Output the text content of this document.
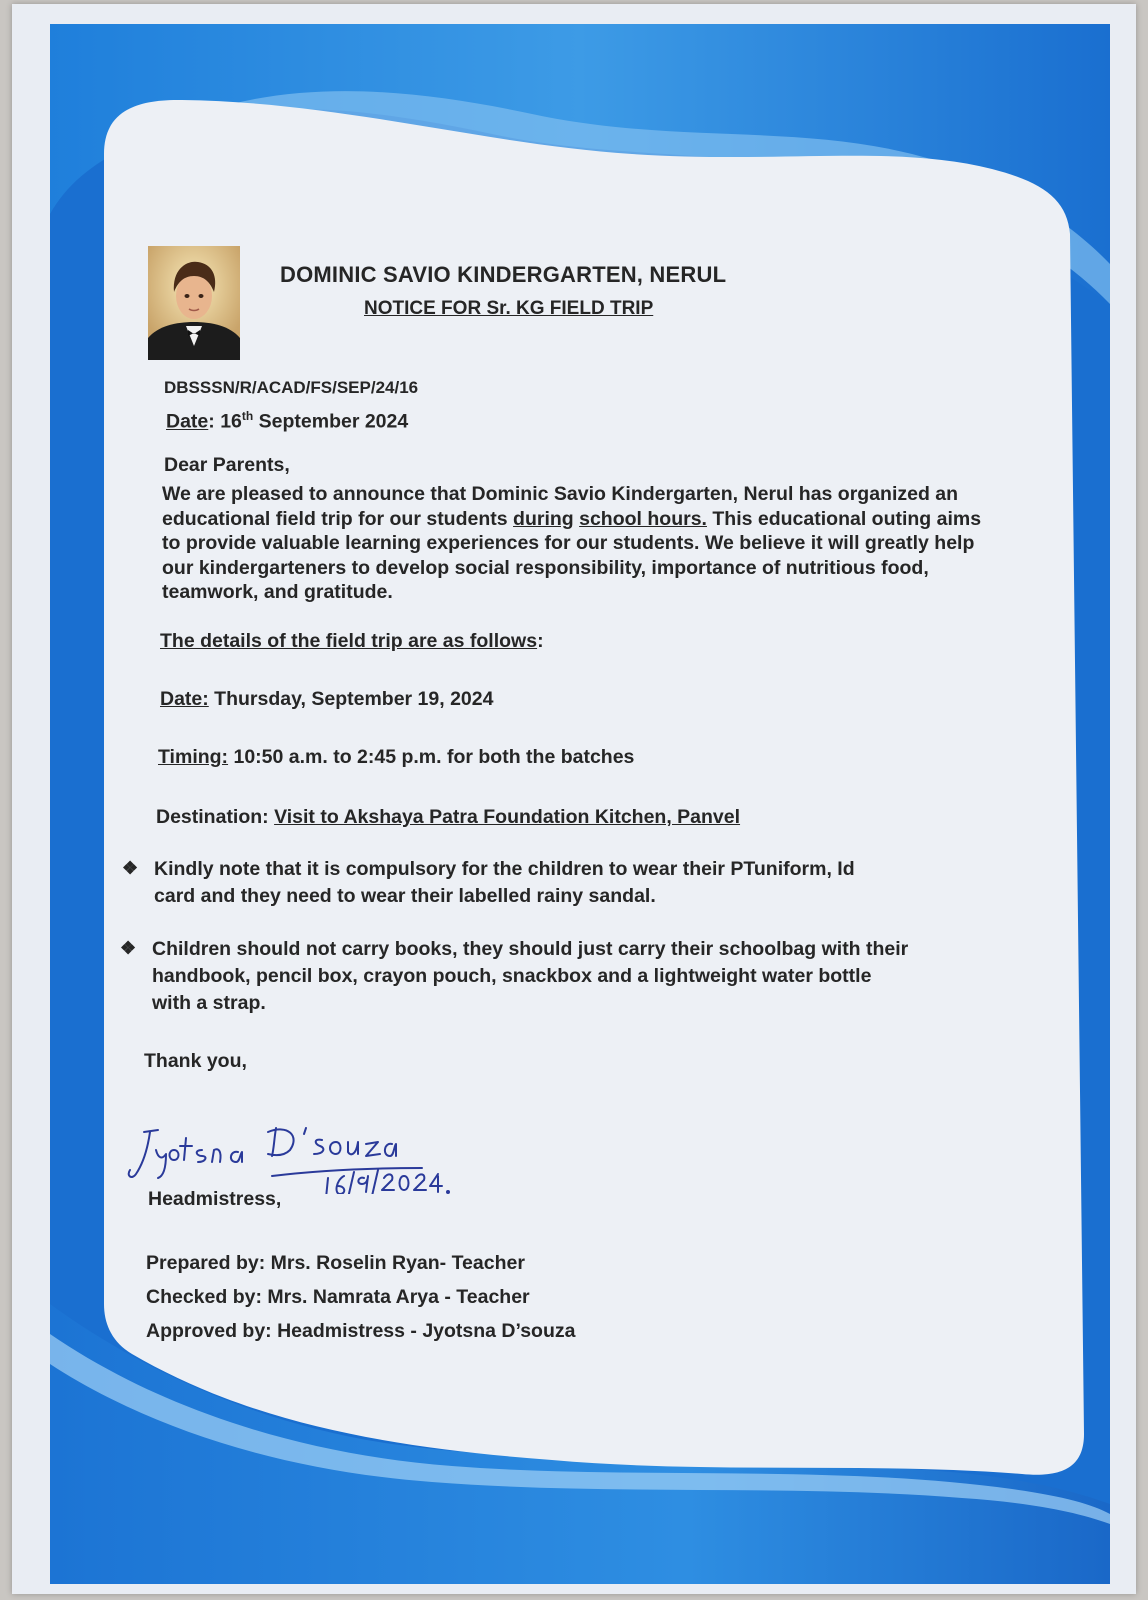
DOMINIC SAVIO KINDERGARTEN, NERUL
NOTICE FOR Sr. KG FIELD TRIP
DBSSSN/R/ACAD/FS/SEP/24/16
Date: 16th September 2024
Dear Parents,
We are pleased to announce that Dominic Savio Kindergarten, Nerul has organized an educational field trip for our students during school hours. This educational outing aims to provide valuable learning experiences for our students. We believe it will greatly help our kindergarteners to develop social responsibility, importance of nutritious food, teamwork, and gratitude.
The details of the field trip are as follows:
Date: Thursday, September 19, 2024
Timing: 10:50 a.m. to 2:45 p.m. for both the batches
Destination: Visit to Akshaya Patra Foundation Kitchen, Panvel
❖ Kindly note that it is compulsory for the children to wear their PTuniform, Id
card and they need to wear their labelled rainy sandal.
❖ Children should not carry books, they should just carry their schoolbag with their
handbook, pencil box, crayon pouch, snackbox and a lightweight water bottle
with a strap.
Thank you,
Headmistress,
Prepared by: Mrs. Roselin Ryan- Teacher
Checked by: Mrs. Namrata Arya - Teacher
Approved by: Headmistress - Jyotsna D’souza
